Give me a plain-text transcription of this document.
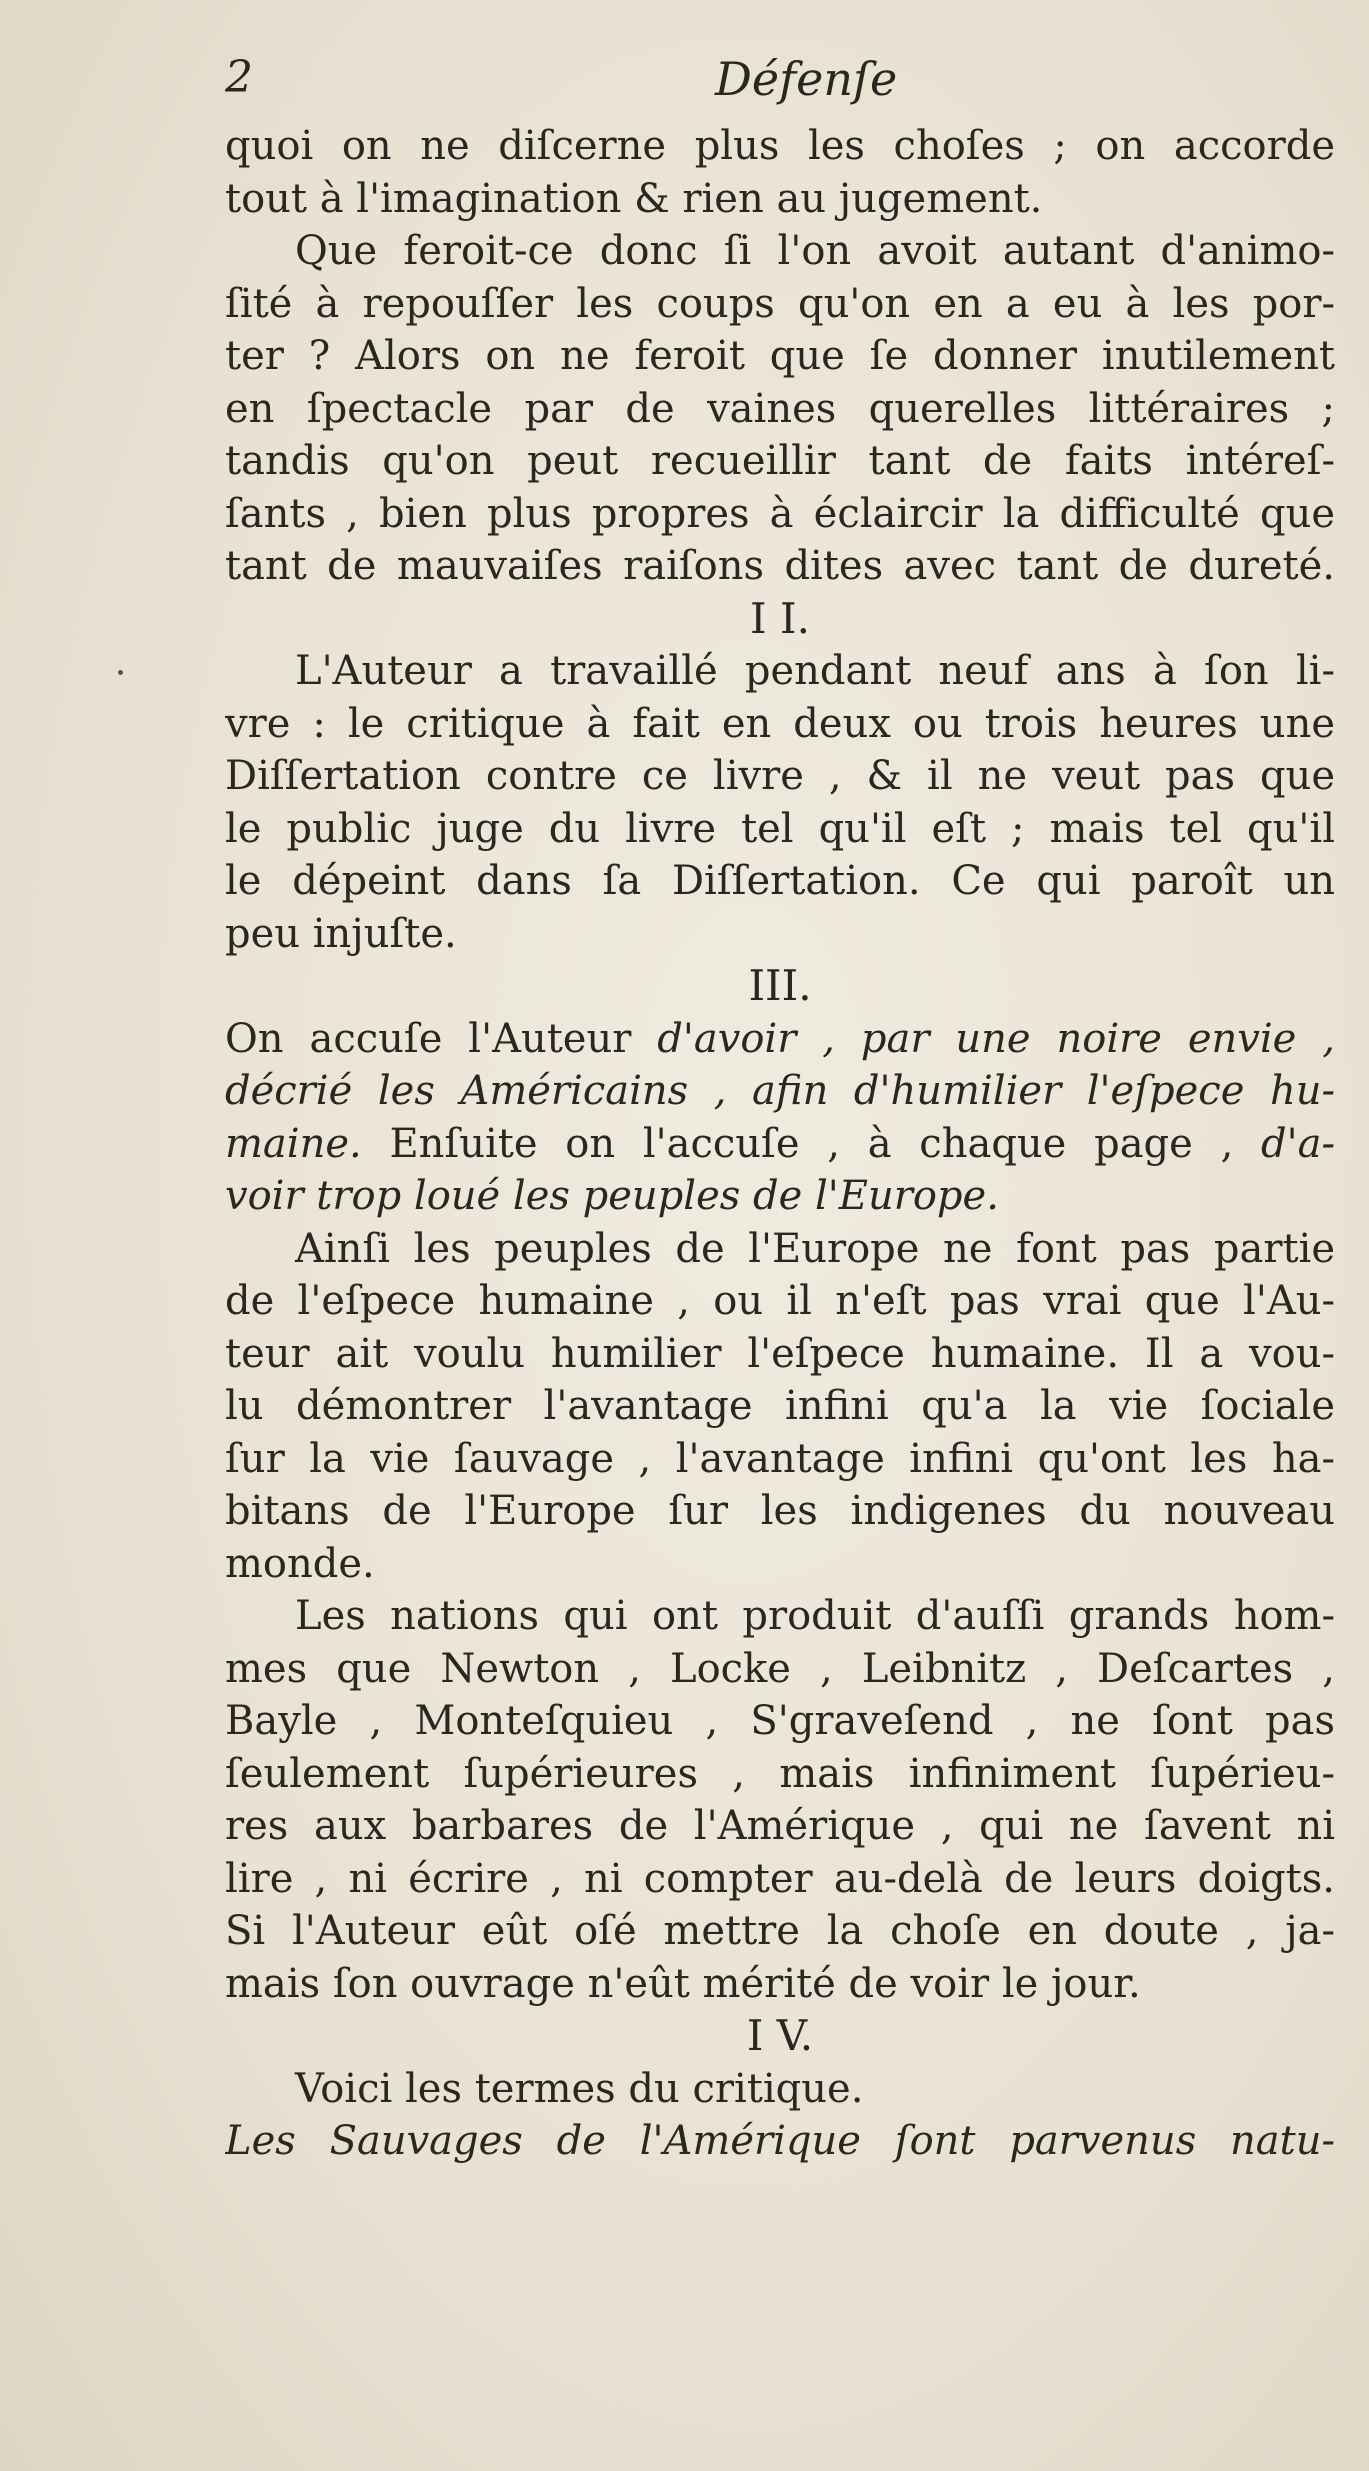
2	Défenſe
quoi on ne diſcerne plus les choſes ; on accorde
tout à l'imagination & rien au jugement.
Que feroit-ce donc ſi l'on avoit autant d'animo-
ſité à repouſſer les coups qu'on en a eu à les por-
ter ? Alors on ne feroit que ſe donner inutilement
en ſpectacle par de vaines querelles littéraires ;
tandis qu'on peut recueillir tant de faits intéreſ-
ſants , bien plus propres à éclaircir la difficulté que
tant de mauvaiſes raiſons dites avec tant de dureté.
I I.
L'Auteur a travaillé pendant neuf ans à ſon li-
vre : le critique à fait en deux ou trois heures une
Diſſertation contre ce livre , & il ne veut pas que
le public juge du livre tel qu'il eſt ; mais tel qu'il
le dépeint dans ſa Diſſertation. Ce qui paroît un
peu injuſte.
III.
On accuſe l'Auteur d'avoir , par une noire envie ,
décrié les Américains , afin d'humilier l'eſpece hu-
maine. Enſuite on l'accuſe , à chaque page , d'a-
voir trop loué les peuples de l'Europe.
Ainſi les peuples de l'Europe ne font pas partie
de l'eſpece humaine , ou il n'eſt pas vrai que l'Au-
teur ait voulu humilier l'eſpece humaine. Il a vou-
lu démontrer l'avantage infini qu'a la vie ſociale
ſur la vie ſauvage , l'avantage infini qu'ont les ha-
bitans de l'Europe ſur les indigenes du nouveau
monde.
Les nations qui ont produit d'auſſi grands hom-
mes que Newton , Locke , Leibnitz , Deſcartes ,
Bayle , Monteſquieu , S'graveſend , ne ſont pas
ſeulement ſupérieures , mais infiniment ſupérieu-
res aux barbares de l'Amérique , qui ne ſavent ni
lire , ni écrire , ni compter au-delà de leurs doigts.
Si l'Auteur eût oſé mettre la choſe en doute , ja-
mais ſon ouvrage n'eût mérité de voir le jour.
I V.
Voici les termes du critique.
Les Sauvages de l'Amérique ſont parvenus natu-
